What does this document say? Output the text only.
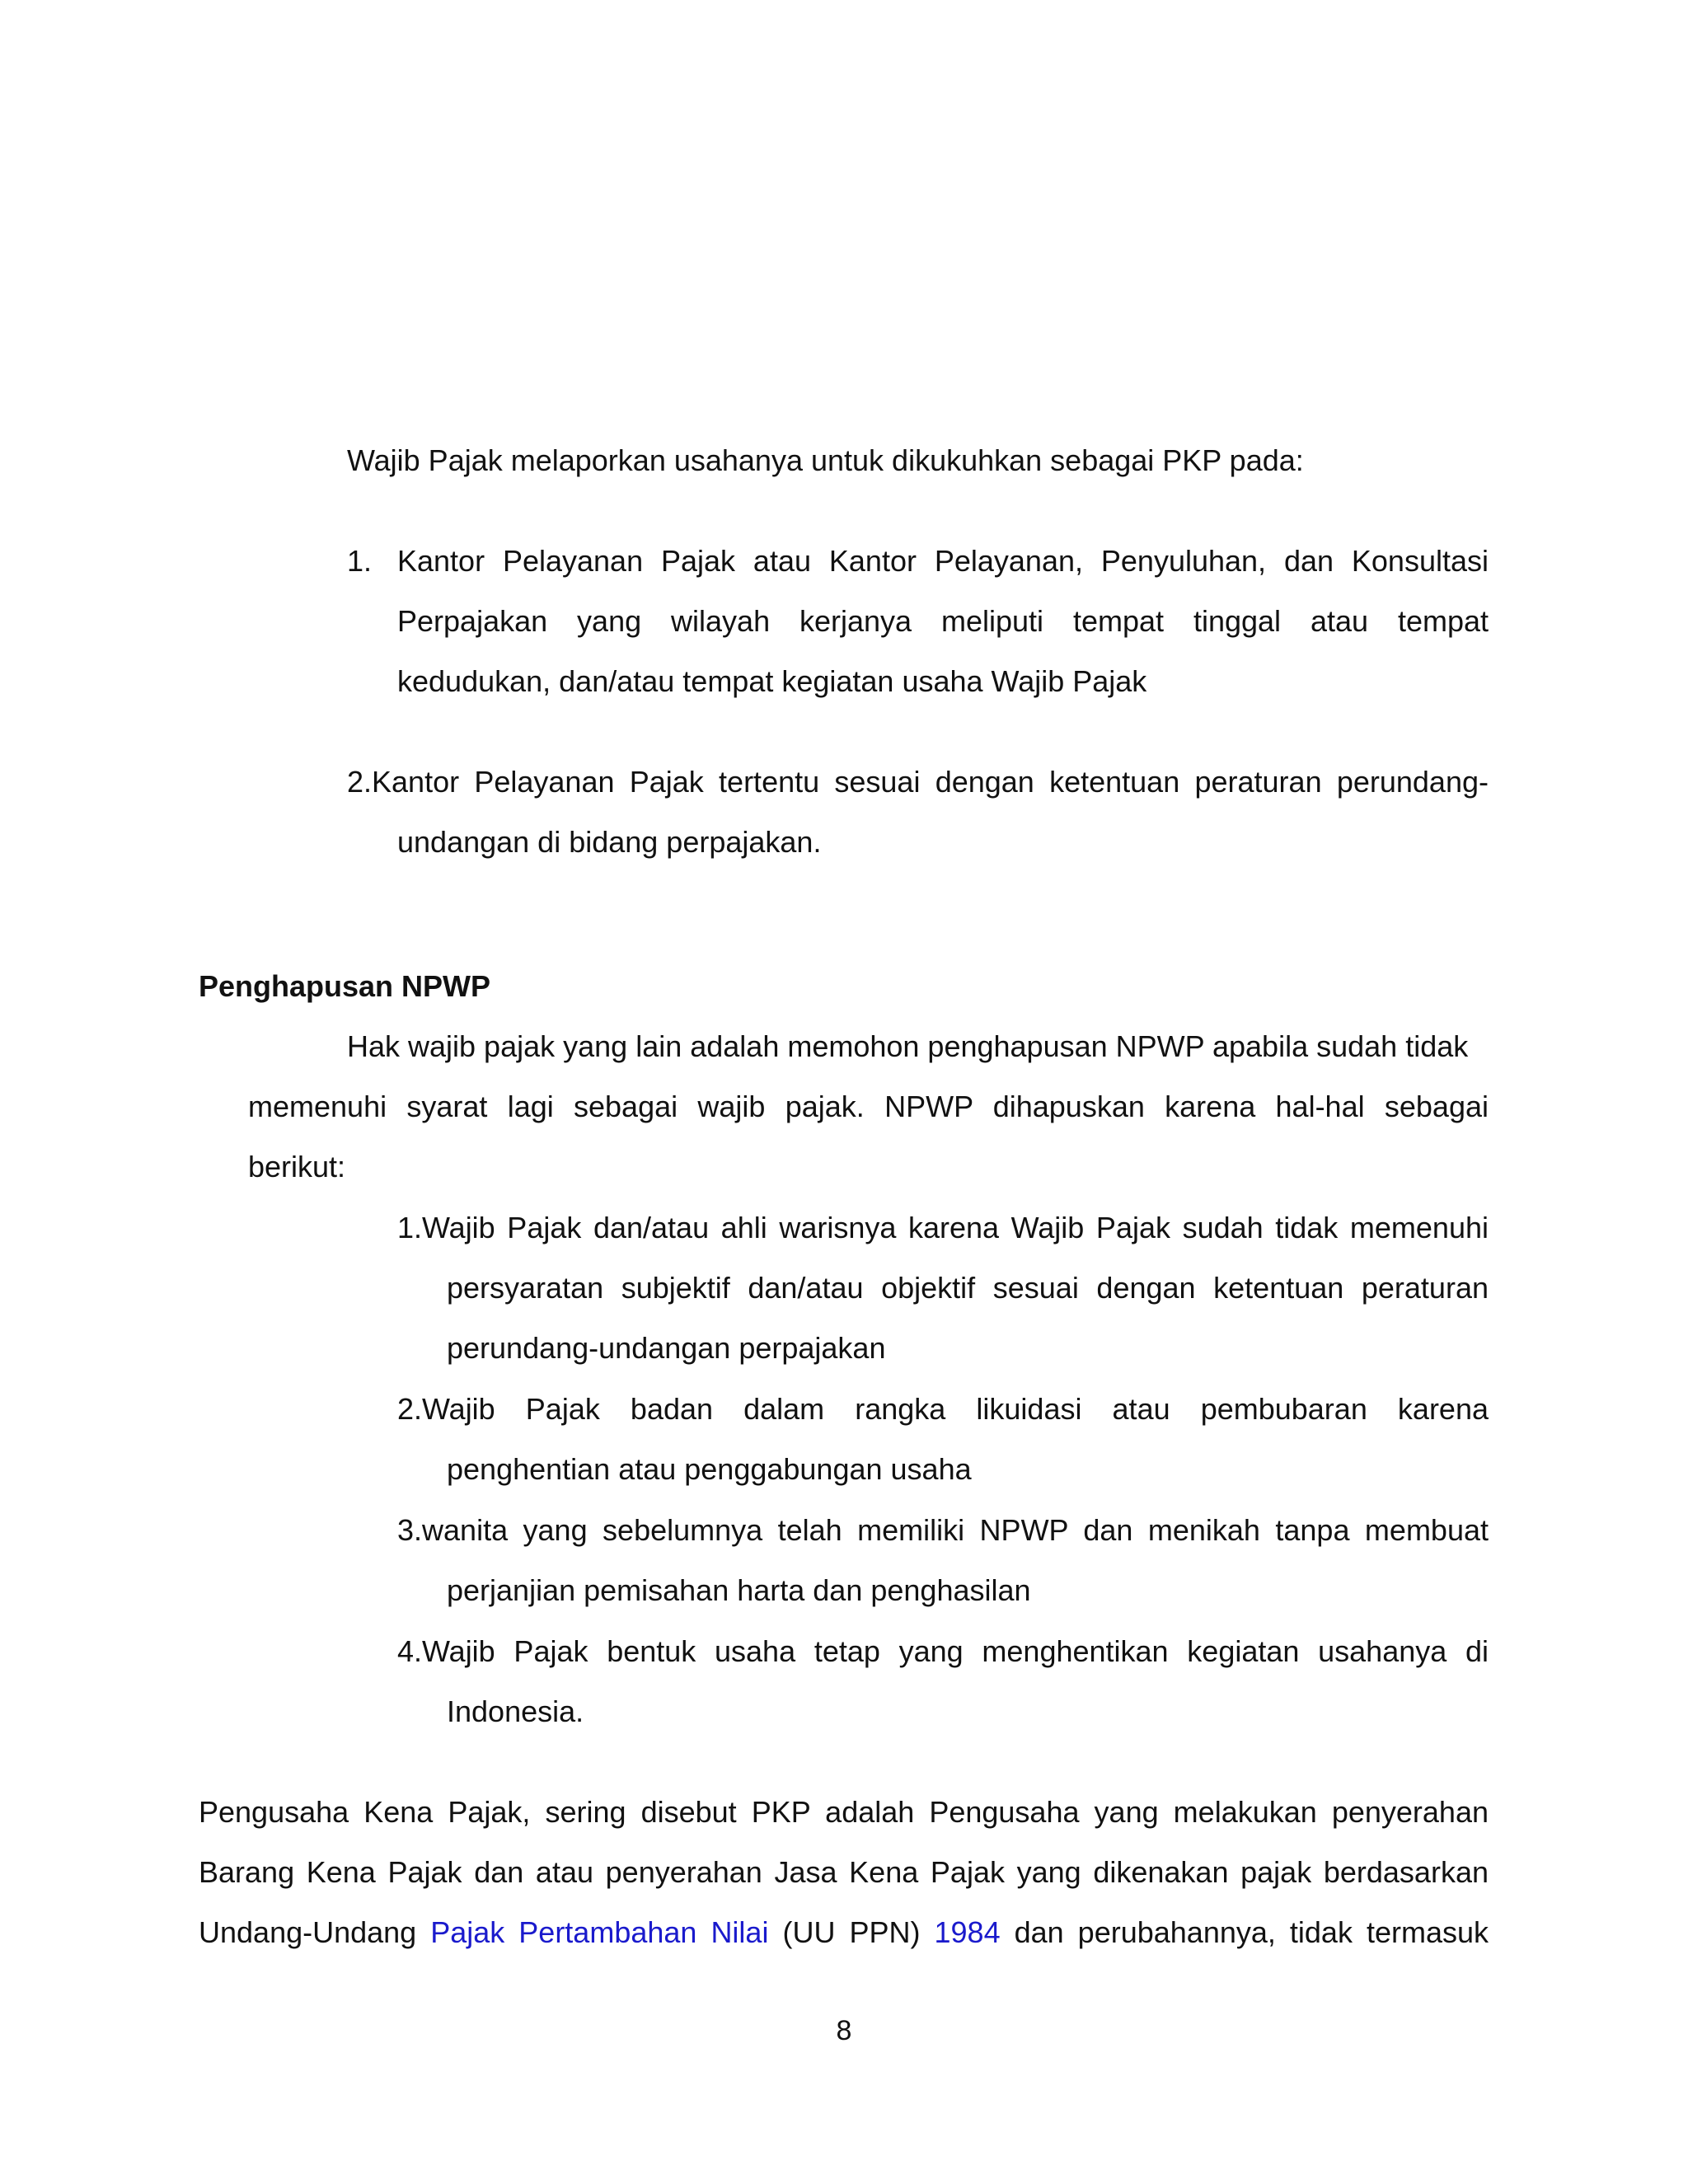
Wajib Pajak melaporkan usahanya untuk dikukuhkan sebagai PKP pada:
1. Kantor Pelayanan Pajak atau Kantor Pelayanan, Penyuluhan, dan Konsultasi
Perpajakan yang wilayah kerjanya meliputi tempat tinggal atau tempat
kedudukan, dan/atau tempat kegiatan usaha Wajib Pajak
2.Kantor Pelayanan Pajak tertentu sesuai dengan ketentuan peraturan perundang-
undangan di bidang perpajakan.
Penghapusan NPWP
Hak wajib pajak yang lain adalah memohon penghapusan NPWP apabila sudah tidak
memenuhi syarat lagi sebagai wajib pajak. NPWP dihapuskan karena hal-hal sebagai
berikut:
1.Wajib Pajak dan/atau ahli warisnya karena Wajib Pajak sudah tidak memenuhi
persyaratan subjektif dan/atau objektif sesuai dengan ketentuan peraturan
perundang-undangan perpajakan
2.Wajib Pajak badan dalam rangka likuidasi atau pembubaran karena
penghentian atau penggabungan usaha
3.wanita yang sebelumnya telah memiliki NPWP dan menikah tanpa membuat
perjanjian pemisahan harta dan penghasilan
4.Wajib Pajak bentuk usaha tetap yang menghentikan kegiatan usahanya di
Indonesia.
Pengusaha Kena Pajak, sering disebut PKP adalah Pengusaha yang melakukan penyerahan
Barang Kena Pajak dan atau penyerahan Jasa Kena Pajak yang dikenakan pajak berdasarkan
Undang-Undang Pajak Pertambahan Nilai (UU PPN) 1984 dan perubahannya, tidak termasuk
8
